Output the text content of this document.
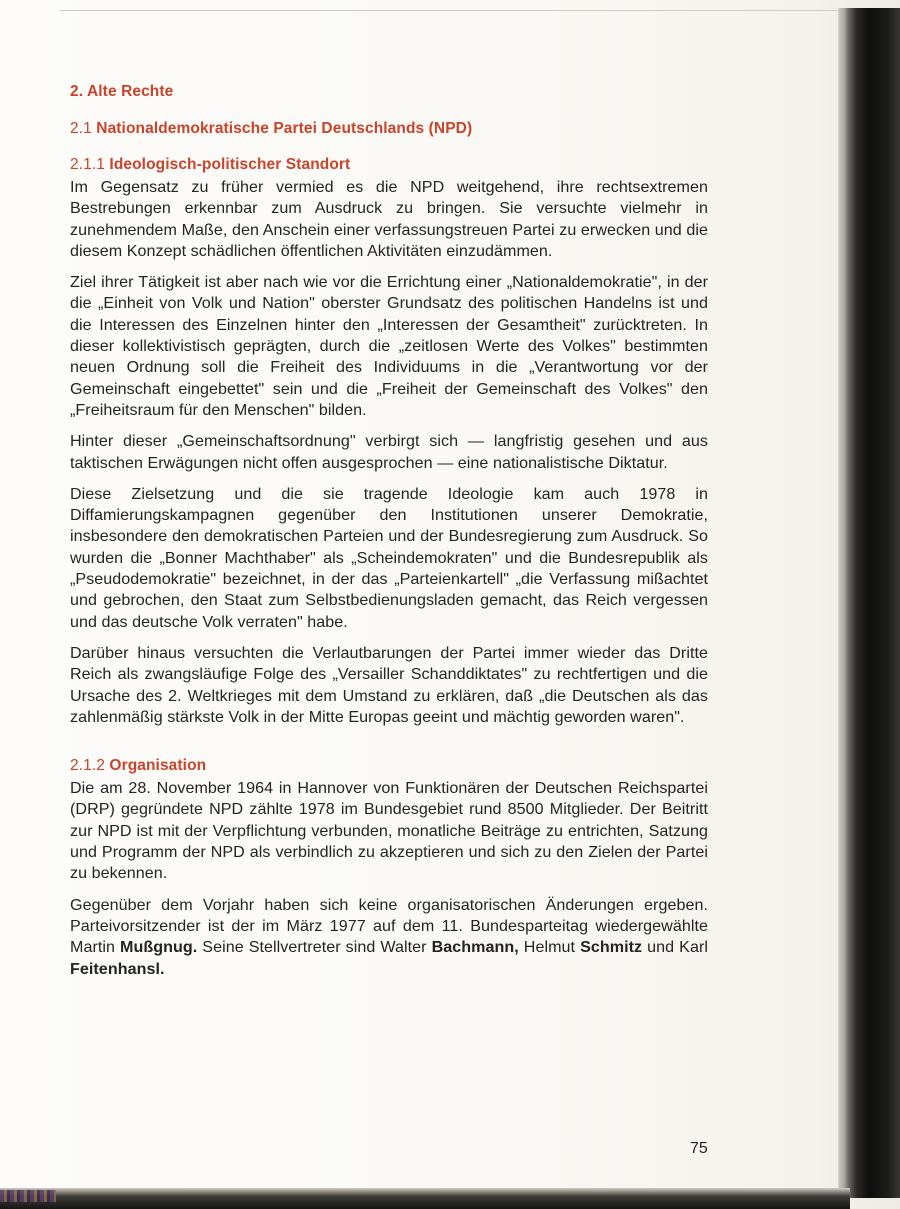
2. Alte Rechte
2.1 Nationaldemokratische Partei Deutschlands (NPD)
2.1.1 Ideologisch-politischer Standort

Im Gegensatz zu früher vermied es die NPD weitgehend, ihre rechtsextremen Bestrebungen erkennbar zum Ausdruck zu bringen. Sie versuchte vielmehr in zunehmendem Maße, den Anschein einer verfassungstreuen Partei zu erwecken und die diesem Konzept schädlichen öffentlichen Aktivitäten einzudämmen.

Ziel ihrer Tätigkeit ist aber nach wie vor die Errichtung einer „Nationaldemokratie", in der die „Einheit von Volk und Nation" oberster Grundsatz des politischen Handelns ist und die Interessen des Einzelnen hinter den „Interessen der Gesamtheit" zurücktreten. In dieser kollektivistisch geprägten, durch die „zeitlosen Werte des Volkes" bestimmten neuen Ordnung soll die Freiheit des Individuums in die „Verantwortung vor der Gemeinschaft eingebettet" sein und die „Freiheit der Gemeinschaft des Volkes" den „Freiheitsraum für den Menschen" bilden.

Hinter dieser „Gemeinschaftsordnung" verbirgt sich — langfristig gesehen und aus taktischen Erwägungen nicht offen ausgesprochen — eine nationalistische Diktatur.

Diese Zielsetzung und die sie tragende Ideologie kam auch 1978 in Diffamierungskampagnen gegenüber den Institutionen unserer Demokratie, insbesondere den demokratischen Parteien und der Bundesregierung zum Ausdruck. So wurden die „Bonner Machthaber" als „Scheindemokraten" und die Bundesrepublik als „Pseudodemokratie" bezeichnet, in der das „Parteienkartell" „die Verfassung mißachtet und gebrochen, den Staat zum Selbstbedienungsladen gemacht, das Reich vergessen und das deutsche Volk verraten" habe.

Darüber hinaus versuchten die Verlautbarungen der Partei immer wieder das Dritte Reich als zwangsläufige Folge des „Versailler Schanddiktates" zu rechtfertigen und die Ursache des 2. Weltkrieges mit dem Umstand zu erklären, daß „die Deutschen als das zahlenmäßig stärkste Volk in der Mitte Europas geeint und mächtig geworden waren".

2.1.2 Organisation

Die am 28. November 1964 in Hannover von Funktionären der Deutschen Reichspartei (DRP) gegründete NPD zählte 1978 im Bundesgebiet rund 8500 Mitglieder. Der Beitritt zur NPD ist mit der Verpflichtung verbunden, monatliche Beiträge zu entrichten, Satzung und Programm der NPD als verbindlich zu akzeptieren und sich zu den Zielen der Partei zu bekennen.

Gegenüber dem Vorjahr haben sich keine organisatorischen Änderungen ergeben. Parteivorsitzender ist der im März 1977 auf dem 11. Bundesparteitag wiedergewählte Martin Mußgnug. Seine Stellvertreter sind Walter Bachmann, Helmut Schmitz und Karl Feitenhansl.

75
